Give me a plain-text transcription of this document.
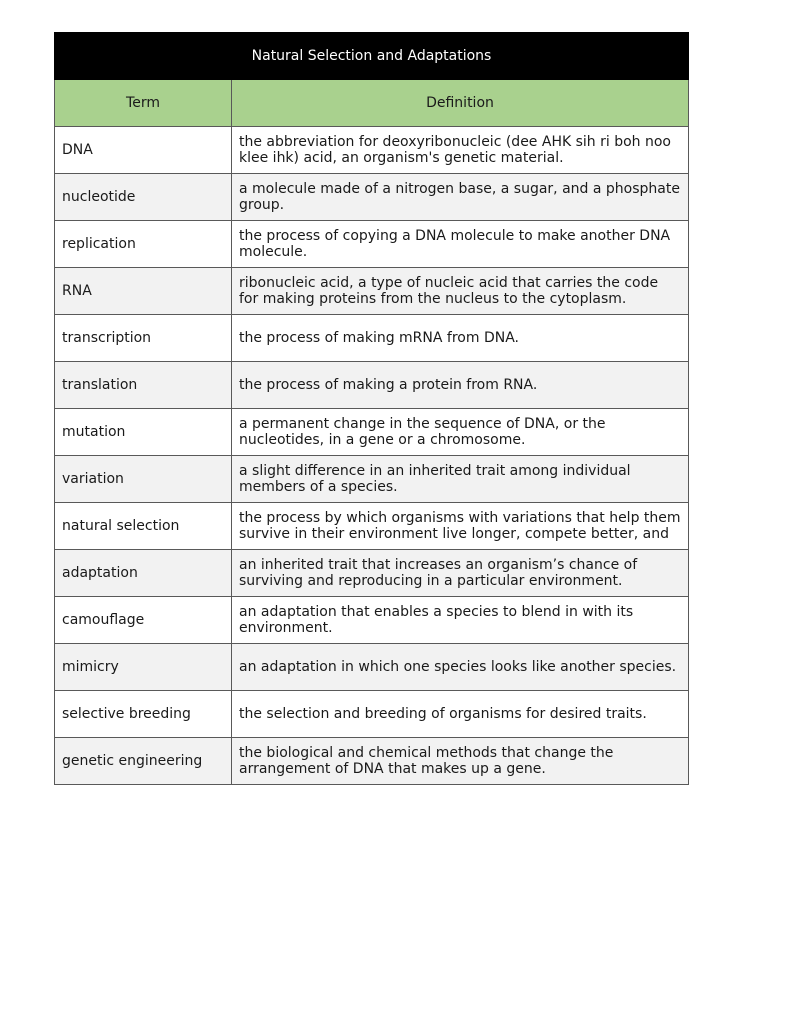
Natural Selection and Adaptations	
Term	Definition
DNA	the abbreviation for deoxyribonucleic (dee AHK sih ri boh noo klee ihk) acid, an organism's genetic material.

nucleotide	a molecule made of a nitrogen base, a sugar, and a phosphate group.

replication	the process of copying a DNA molecule to make another DNA molecule.

RNA	ribonucleic acid, a type of nucleic acid that carries the code for making proteins from the nucleus to the cytoplasm.

transcription	the process of making mRNA from DNA.

translation	the process of making a protein from RNA.

mutation	a permanent change in the sequence of DNA, or the nucleotides, in a gene or a chromosome.

variation	a slight difference in an inherited trait among individual members of a species.

natural selection	the process by which organisms with variations that help them survive in their environment live longer, compete better, and

adaptation	an inherited trait that increases an organism’s chance of surviving and reproducing in a particular environment.

camouflage	an adaptation that enables a species to blend in with its environment.

mimicry	an adaptation in which one species looks like another species.

selective breeding	the selection and breeding of organisms for desired traits.

genetic engineering	the biological and chemical methods that change the arrangement of DNA that makes up a gene.
